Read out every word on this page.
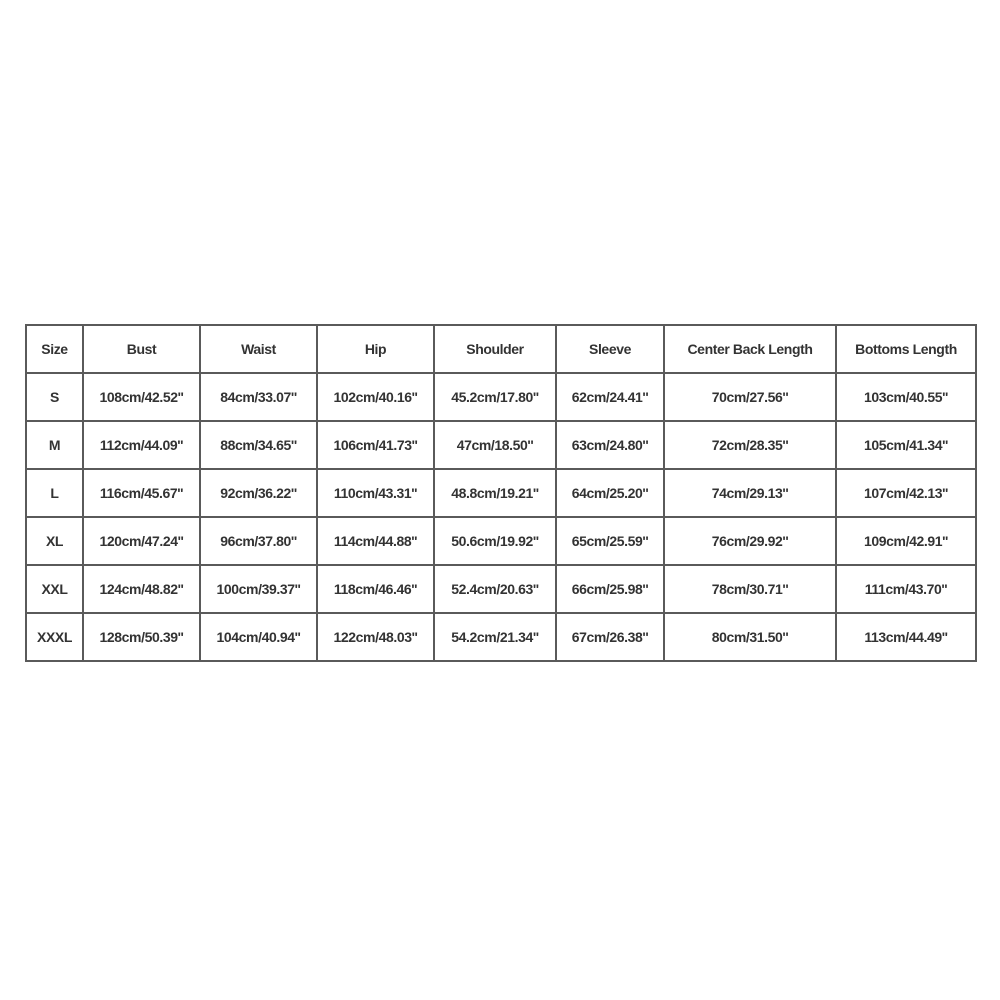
Size	Bust	Waist	Hip	Shoulder	Sleeve	Center Back Length	Bottoms Length
S	108cm/42.52''	84cm/33.07''	102cm/40.16''	45.2cm/17.80''	62cm/24.41''	70cm/27.56''	103cm/40.55''
M	112cm/44.09''	88cm/34.65''	106cm/41.73''	47cm/18.50''	63cm/24.80''	72cm/28.35''	105cm/41.34''
L	116cm/45.67''	92cm/36.22''	110cm/43.31''	48.8cm/19.21''	64cm/25.20''	74cm/29.13''	107cm/42.13''
XL	120cm/47.24''	96cm/37.80''	114cm/44.88''	50.6cm/19.92''	65cm/25.59''	76cm/29.92''	109cm/42.91''
XXL	124cm/48.82''	100cm/39.37''	118cm/46.46''	52.4cm/20.63''	66cm/25.98''	78cm/30.71''	111cm/43.70''
XXXL	128cm/50.39''	104cm/40.94''	122cm/48.03''	54.2cm/21.34''	67cm/26.38''	80cm/31.50''	113cm/44.49''
